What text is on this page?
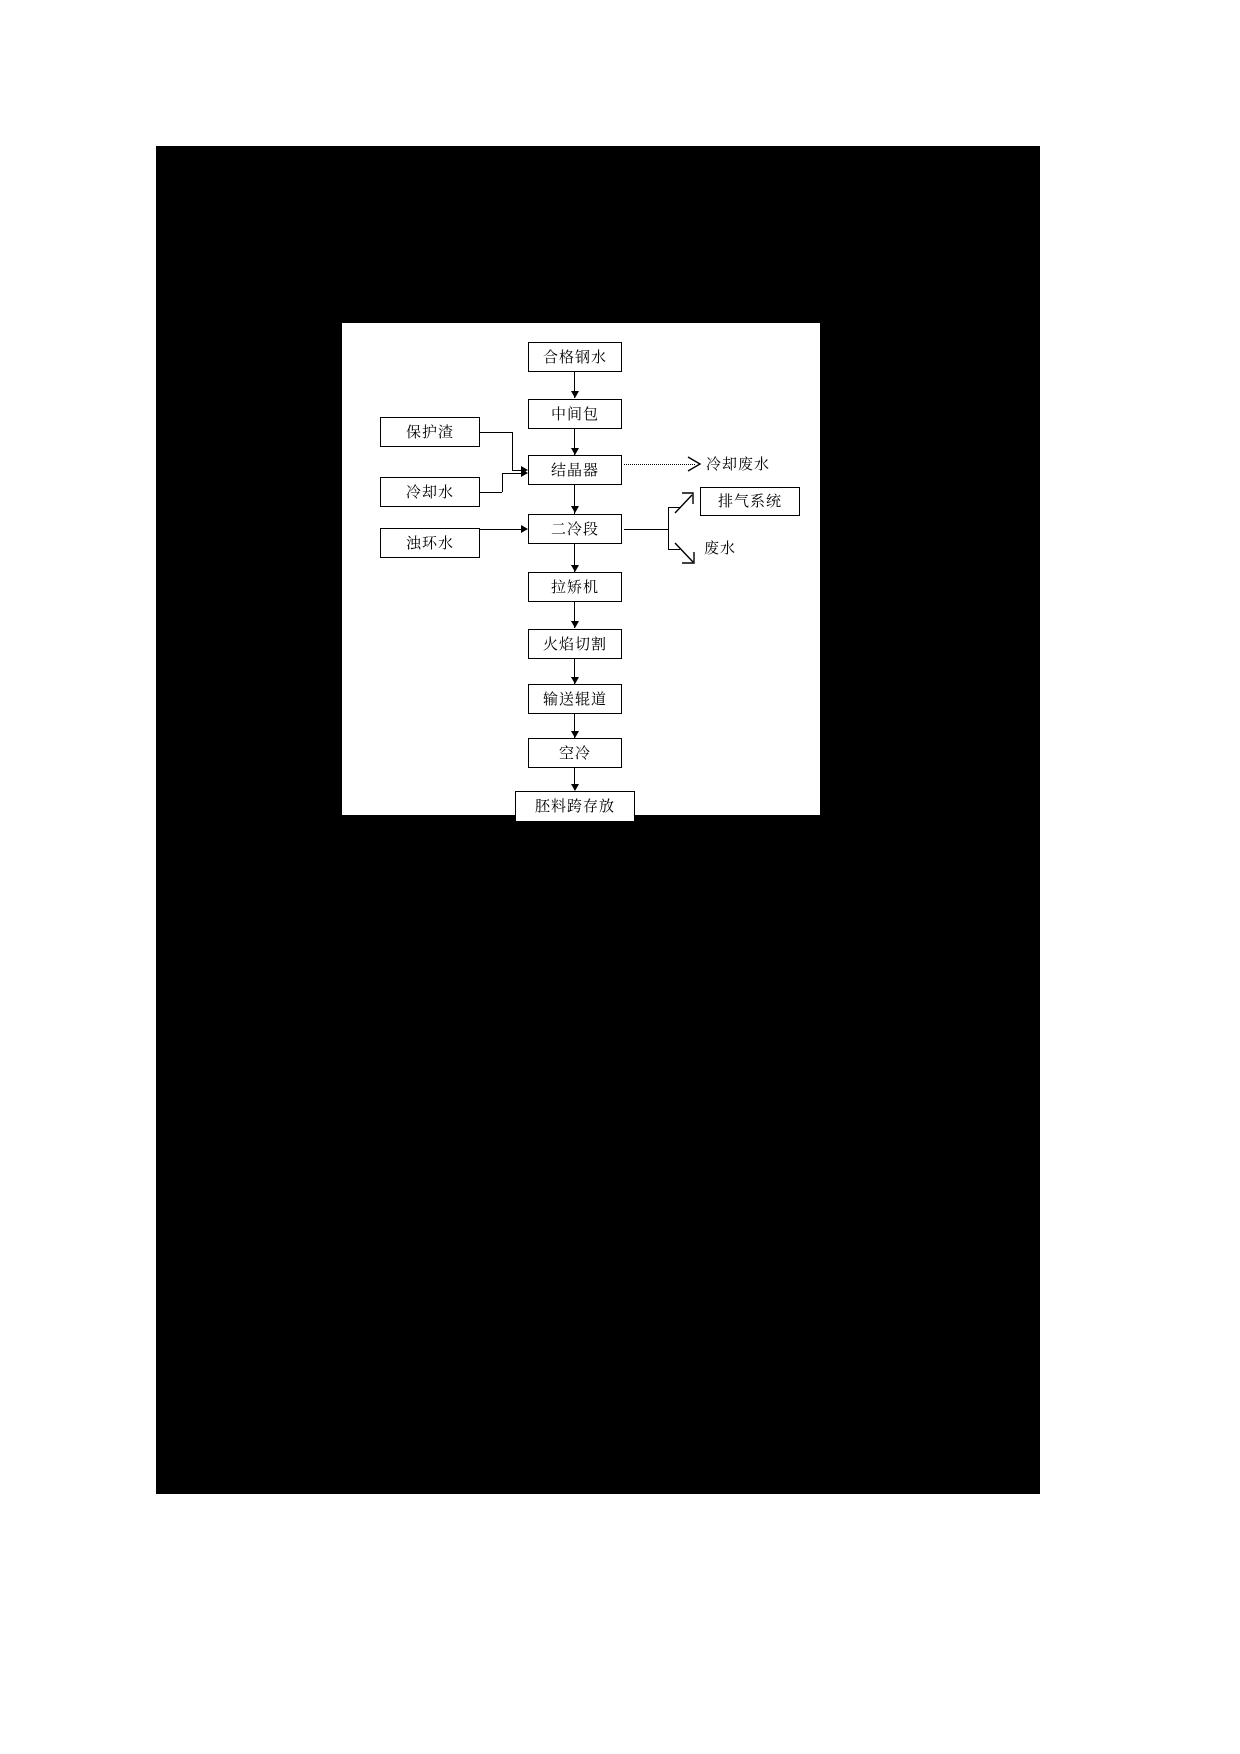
合格钢水
中间包
结晶器
二冷段
拉矫机
火焰切割
输送辊道
空冷
胚料跨存放
保护渣
冷却水
浊环水
冷却废水
排气系统
废水
